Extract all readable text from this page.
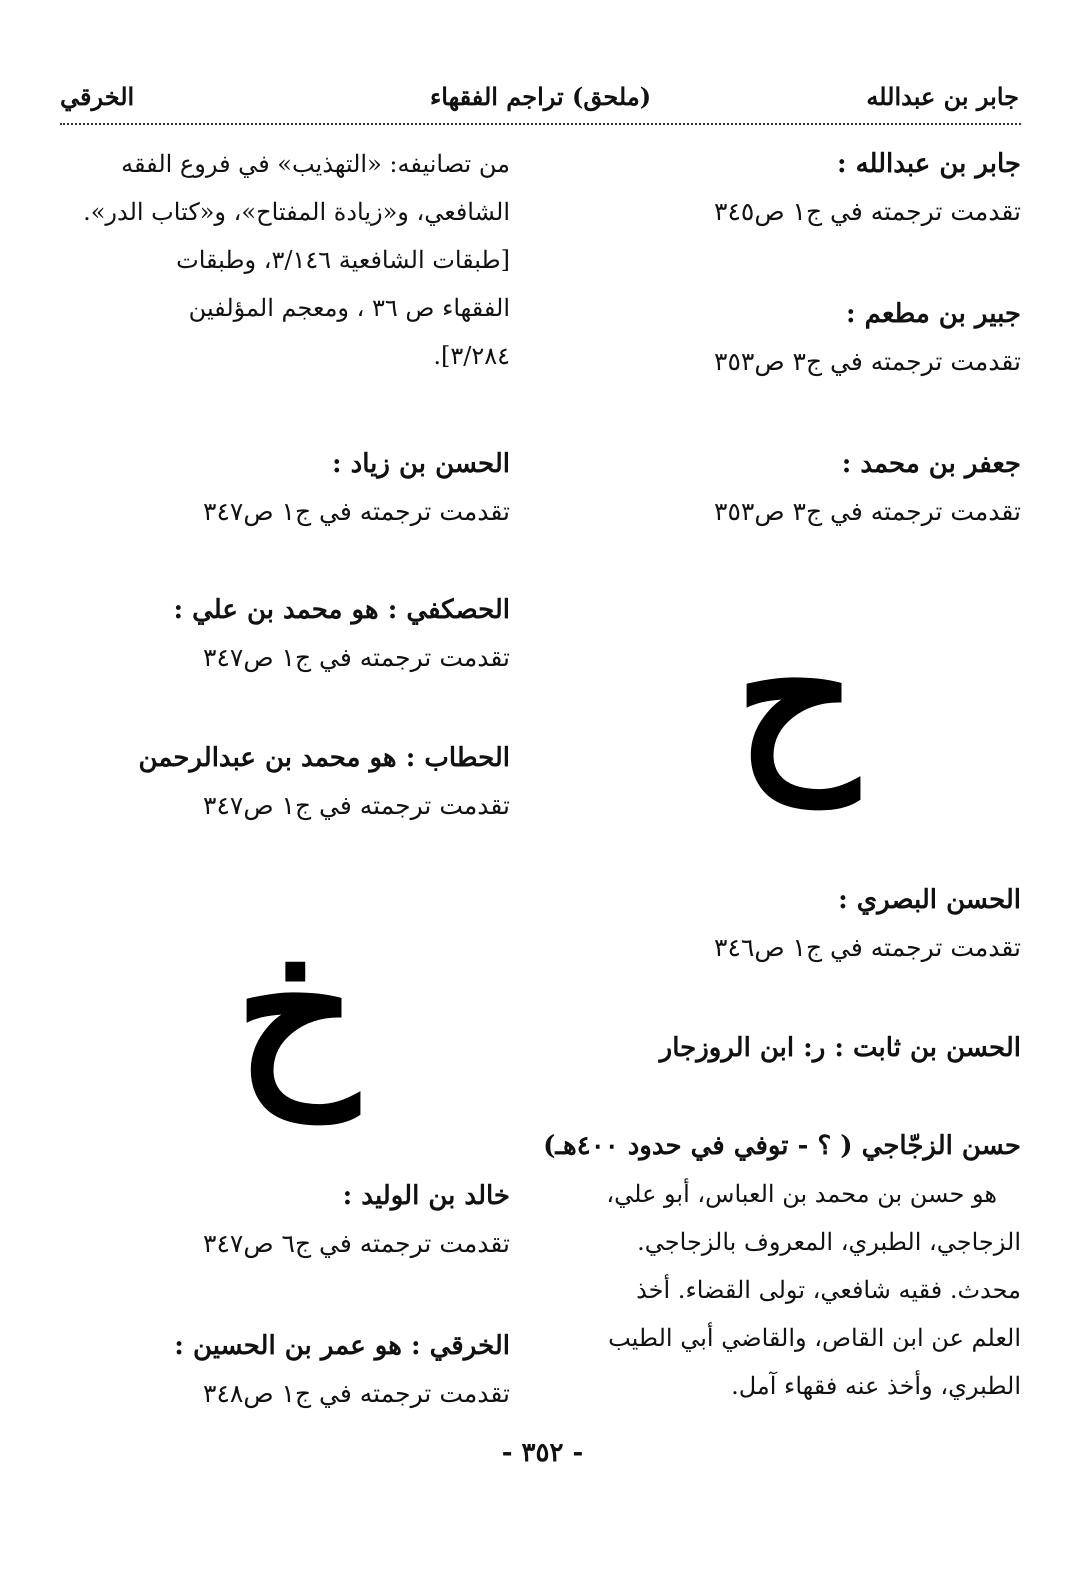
جابر بن عبدالله
(ملحق) تراجم الفقهاء
الخرقي
جابر بن عبدالله :
تقدمت ترجمته في ج١ ص٣٤٥
جبير بن مطعم :
تقدمت ترجمته في ج٣ ص٣٥٣
جعفر بن محمد :
تقدمت ترجمته في ج٣ ص٣٥٣
الحسن البصري :
تقدمت ترجمته في ج١ ص٣٤٦
الحسن بن ثابت : ر: ابن الروزجار
حسن الزجّاجي ( ؟ - توفي في حدود ٤٠٠هـ)
هو حسن بن محمد بن العباس، أبو علي،
الزجاجي، الطبري، المعروف بالزجاجي.
محدث. فقيه شافعي، تولى القضاء. أخذ
العلم عن ابن القاص، والقاضي أبي الطيب
الطبري، وأخذ عنه فقهاء آمل.
ح
من تصانيفه: «التهذيب» في فروع الفقه
الشافعي، و«زيادة المفتاح»، و«كتاب الدر».
[طبقات الشافعية ٣/١٤٦، وطبقات
الفقهاء ص ٣٦ ، ومعجم المؤلفين
٣/٢٨٤].
الحسن بن زياد :
تقدمت ترجمته في ج١ ص٣٤٧
الحصكفي : هو محمد بن علي :
تقدمت ترجمته في ج١ ص٣٤٧
الحطاب : هو محمد بن عبدالرحمن
تقدمت ترجمته في ج١ ص٣٤٧
خالد بن الوليد :
تقدمت ترجمته في ج٦ ص٣٤٧
الخرقي : هو عمر بن الحسين :
تقدمت ترجمته في ج١ ص٣٤٨
خ
- ٣٥٢ -
